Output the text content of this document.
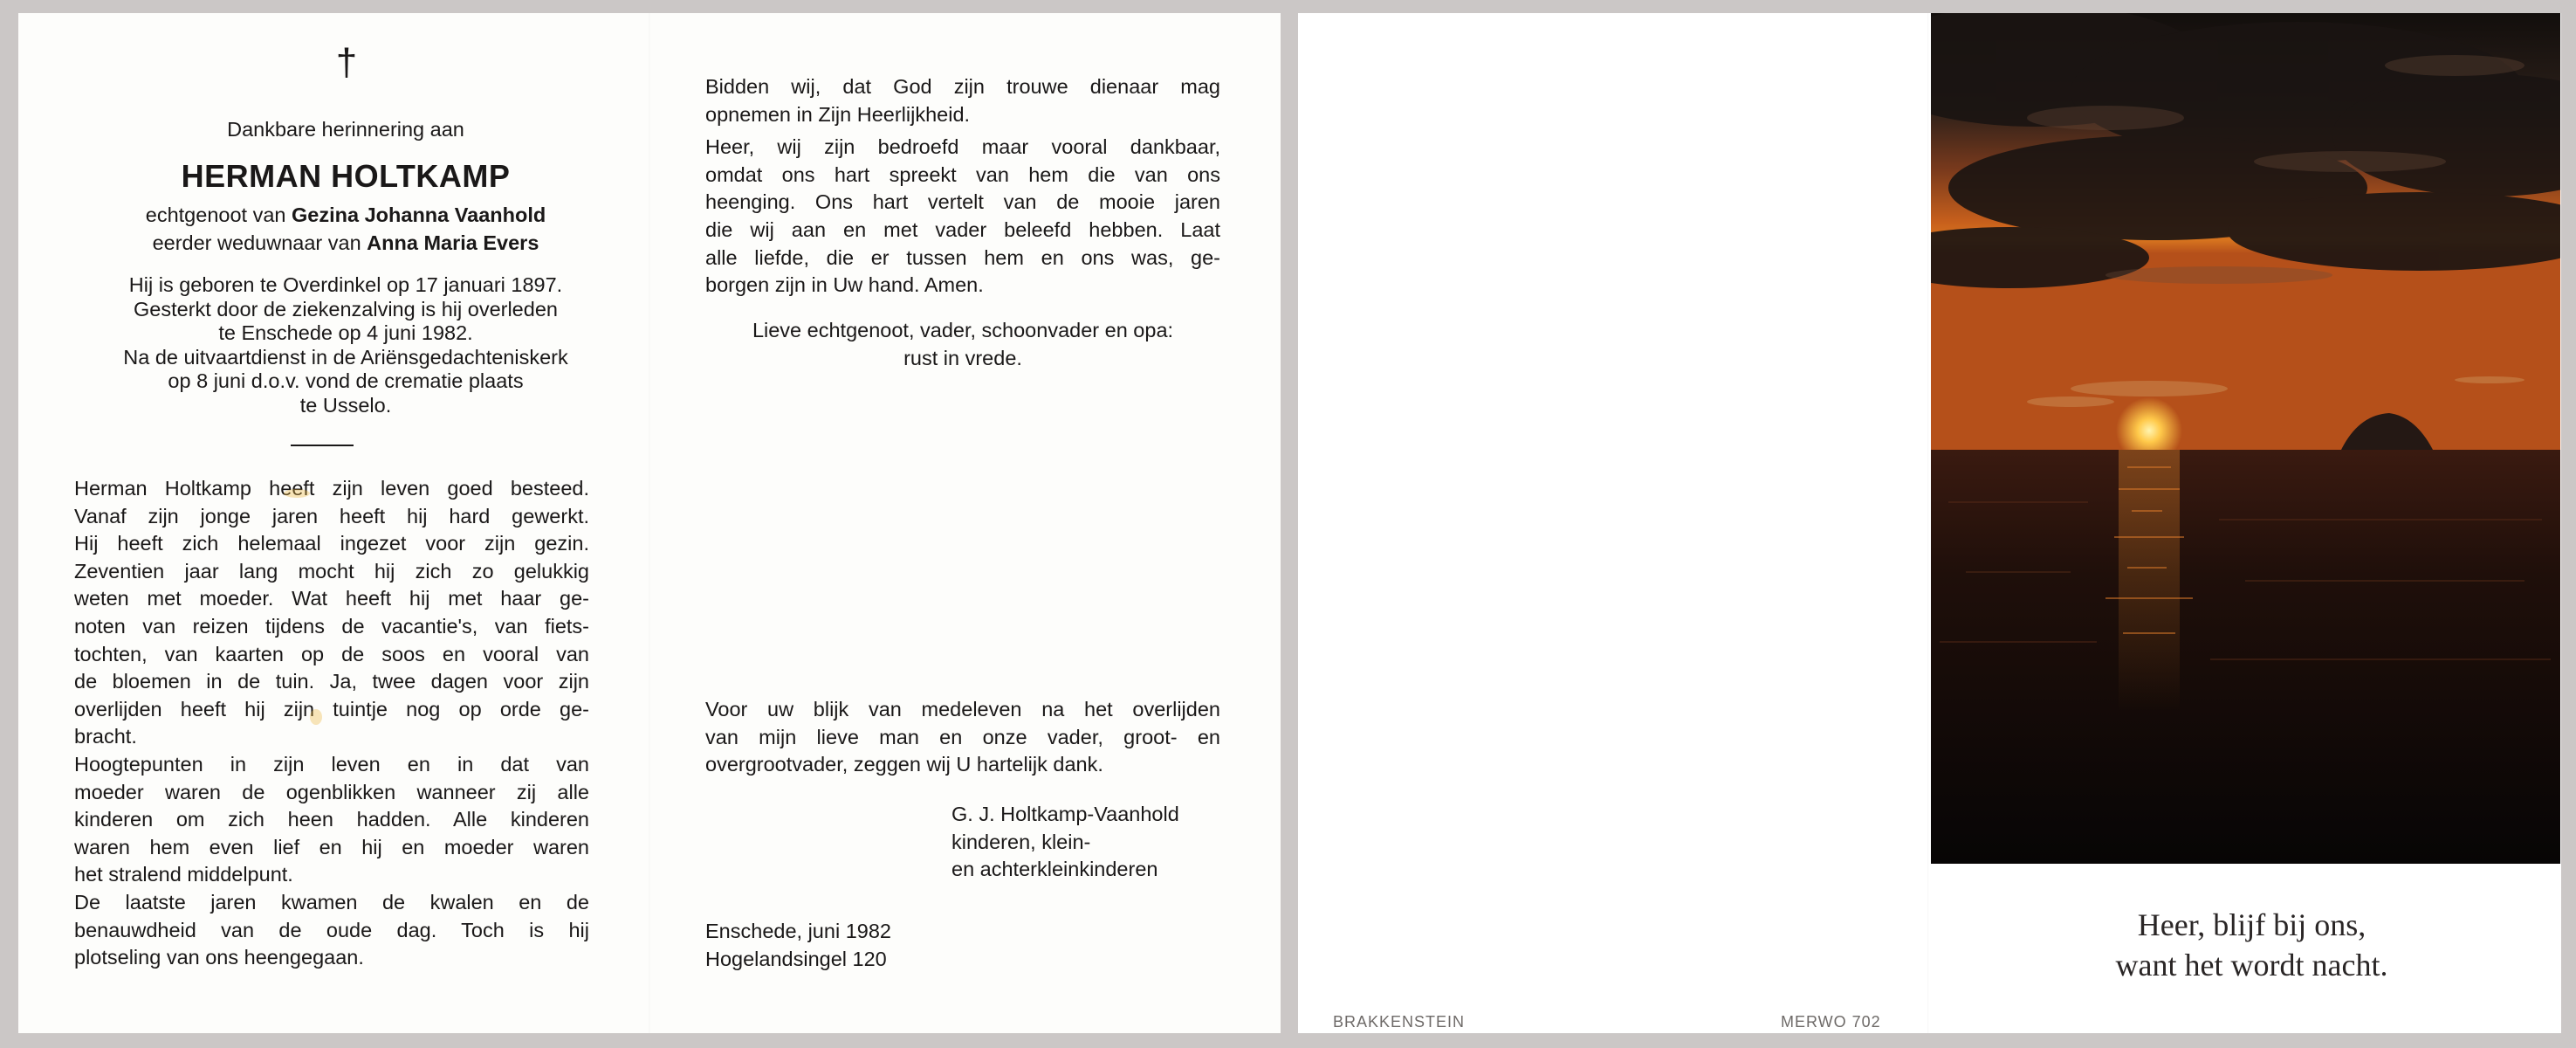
†
Dankbare herinnering aan
HERMAN HOLTKAMP
echtgenoot van Gezina Johanna Vaanhold
eerder weduwnaar van Anna Maria Evers
Hij is geboren te Overdinkel op 17 januari 1897.
Gesterkt door de ziekenzalving is hij overleden
te Enschede op 4 juni 1982.
Na de uitvaartdienst in de Ariënsgedachteniskerk
op 8 juni d.o.v. vond de crematie plaats
te Usselo.
Herman Holtkamp heeft zijn leven goed besteed.
Vanaf zijn jonge jaren heeft hij hard gewerkt.
Hij heeft zich helemaal ingezet voor zijn gezin.
Zeventien jaar lang mocht hij zich zo gelukkig
weten met moeder. Wat heeft hij met haar ge-
noten van reizen tijdens de vacantie's, van fiets-
tochten, van kaarten op de soos en vooral van
de bloemen in de tuin. Ja, twee dagen voor zijn
overlijden heeft hij zijn tuintje nog op orde ge-
bracht.
Hoogtepunten in zijn leven en in dat van
moeder waren de ogenblikken wanneer zij alle
kinderen om zich heen hadden. Alle kinderen
waren hem even lief en hij en moeder waren
het stralend middelpunt.
De laatste jaren kwamen de kwalen en de
benauwdheid van de oude dag. Toch is hij
plotseling van ons heengegaan.
Bidden wij, dat God zijn trouwe dienaar mag
opnemen in Zijn Heerlijkheid.
Heer, wij zijn bedroefd maar vooral dankbaar,
omdat ons hart spreekt van hem die van ons
heenging. Ons hart vertelt van de mooie jaren
die wij aan en met vader beleefd hebben. Laat
alle liefde, die er tussen hem en ons was, ge-
borgen zijn in Uw hand. Amen.
Lieve echtgenoot, vader, schoonvader en opa:
rust in vrede.
Voor uw blijk van medeleven na het overlijden
van mijn lieve man en onze vader, groot- en
overgrootvader, zeggen wij U hartelijk dank.
G. J. Holtkamp-Vaanhold
kinderen, klein-
en achterkleinkinderen
Enschede, juni 1982
Hogelandsingel 120
Heer, blijf bij ons,
want het wordt nacht.
BRAKKENSTEIN	MERWO 702
